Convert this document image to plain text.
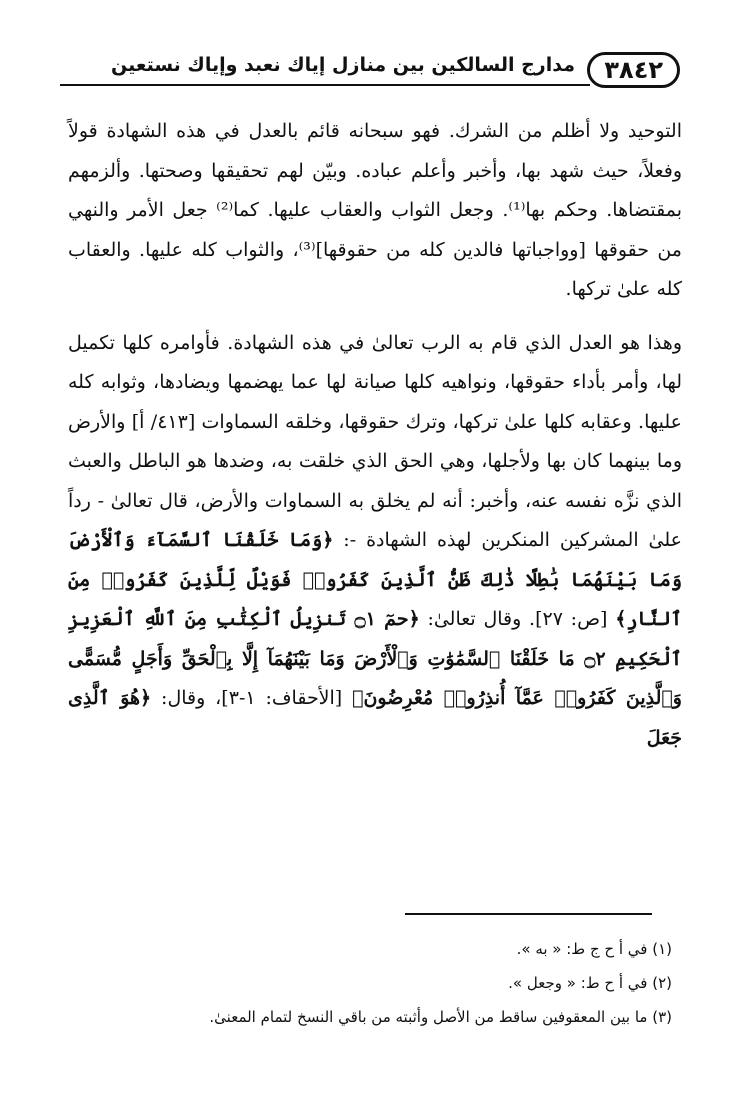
٣٨٤٢
مدارج السالكين بين منازل إياك نعبد وإياك نستعين

التوحيد ولا أظلم من الشرك. فهو سبحانه قائم بالعدل في هذه الشهادة قولاً وفعلاً، حيث شهد بها، وأخبر وأعلم عباده. وبيّن لهم تحقيقها وصحتها. وألزمهم بمقتضاها. وحكم بها⁽¹⁾. وجعل الثواب والعقاب عليها. كما⁽²⁾ جعل الأمر والنهي من حقوقها [وواجباتها فالدين كله من حقوقها]⁽³⁾، والثواب كله عليها. والعقاب كله علىٰ تركها.

وهذا هو العدل الذي قام به الرب تعالىٰ في هذه الشهادة. فأوامره كلها تكميل لها، وأمر بأداء حقوقها، ونواهيه كلها صيانة لها عما يهضمها ويضادها، وثوابه كله عليها. وعقابه كلها علىٰ تركها، وترك حقوقها، وخلقه السماوات [٤١٣/ أ] والأرض وما بينهما كان بها ولأجلها، وهي الحق الذي خلقت به، وضدها هو الباطل والعبث الذي نزَّه نفسه عنه، وأخبر: أنه لم يخلق به السماوات والأرض، قال تعالىٰ - رداً علىٰ المشركين المنكرين لهذه الشهادة -: ﴿وَمَا خَلَقْنَا ٱلسَّمَآءَ وَٱلْأَرْضَ وَمَا بَيْنَهُمَا بَٰطِلًا ذَٰلِكَ ظَنُّ ٱلَّذِينَ كَفَرُوا۟ فَوَيْلٌ لِّلَّذِينَ كَفَرُوا۟ مِنَ ٱلنَّارِ﴾ [ص: ٢٧]. وقال تعالىٰ: ﴿حمٓ ۝١ تَنزِيلُ ٱلْكِتَٰبِ مِنَ ٱللَّهِ ٱلْعَزِيزِ ٱلْحَكِيمِ ۝٢ مَا خَلَقْنَا ٱلسَّمَٰوَٰتِ وَٱلْأَرْضَ وَمَا بَيْنَهُمَآ إِلَّا بِٱلْحَقِّ وَأَجَلٍ مُّسَمًّى وَٱلَّذِينَ كَفَرُوا۟ عَمَّآ أُنذِرُوا۟ مُعْرِضُونَ﴾ [الأحقاف: ١-٣]، وقال: ﴿هُوَ ٱلَّذِى جَعَلَ

(١) في أ ح ج ط: « به ».

(٢) في أ ح ط: « وجعل ».

(٣) ما بين المعقوفين ساقط من الأصل وأثبته من باقي النسخ لتمام المعنىٰ.
